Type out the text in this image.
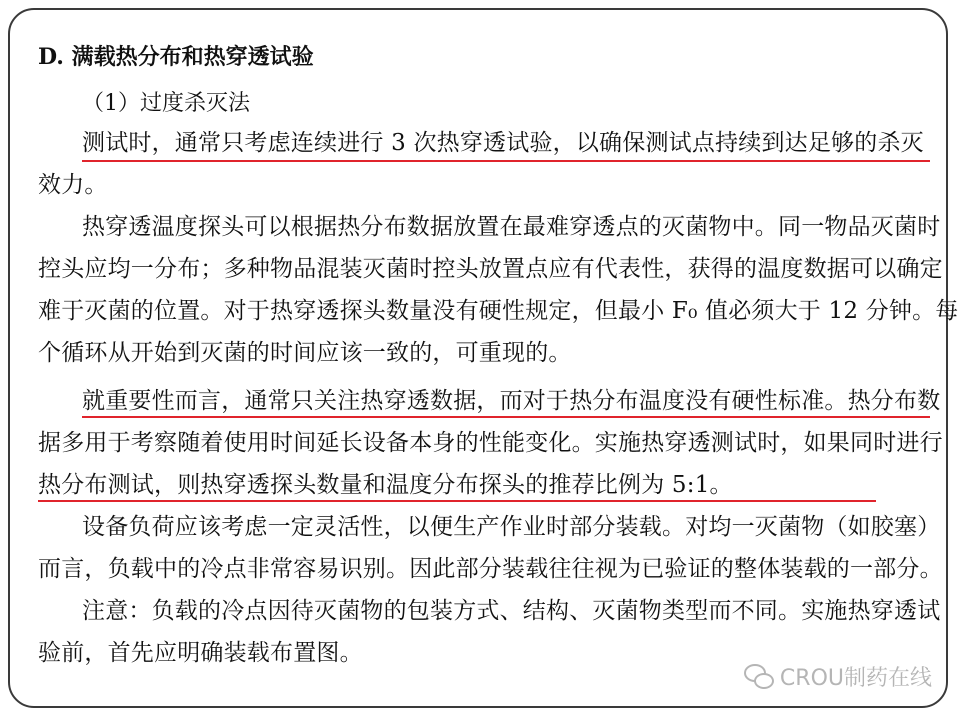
D. 满载热分布和热穿透试验
（1）过度杀灭法
测试时，通常只考虑连续进行 3 次热穿透试验，以确保测试点持续到达足够的杀灭
效力。
热穿透温度探头可以根据热分布数据放置在最难穿透点的灭菌物中。同一物品灭菌时
控头应均一分布；多种物品混装灭菌时控头放置点应有代表性，获得的温度数据可以确定
难于灭菌的位置。对于热穿透探头数量没有硬性规定，但最小 F₀ 值必须大于 12 分钟。每
个循环从开始到灭菌的时间应该一致的，可重现的。
就重要性而言，通常只关注热穿透数据，而对于热分布温度没有硬性标准。热分布数
据多用于考察随着使用时间延长设备本身的性能变化。实施热穿透测试时，如果同时进行
热分布测试，则热穿透探头数量和温度分布探头的推荐比例为 5:1。
设备负荷应该考虑一定灵活性，以便生产作业时部分装载。对均一灭菌物（如胶塞）
而言，负载中的冷点非常容易识别。因此部分装载往往视为已验证的整体装载的一部分。
注意：负载的冷点因待灭菌物的包装方式、结构、灭菌物类型而不同。实施热穿透试
验前，首先应明确装载布置图。
CROU制药在线
